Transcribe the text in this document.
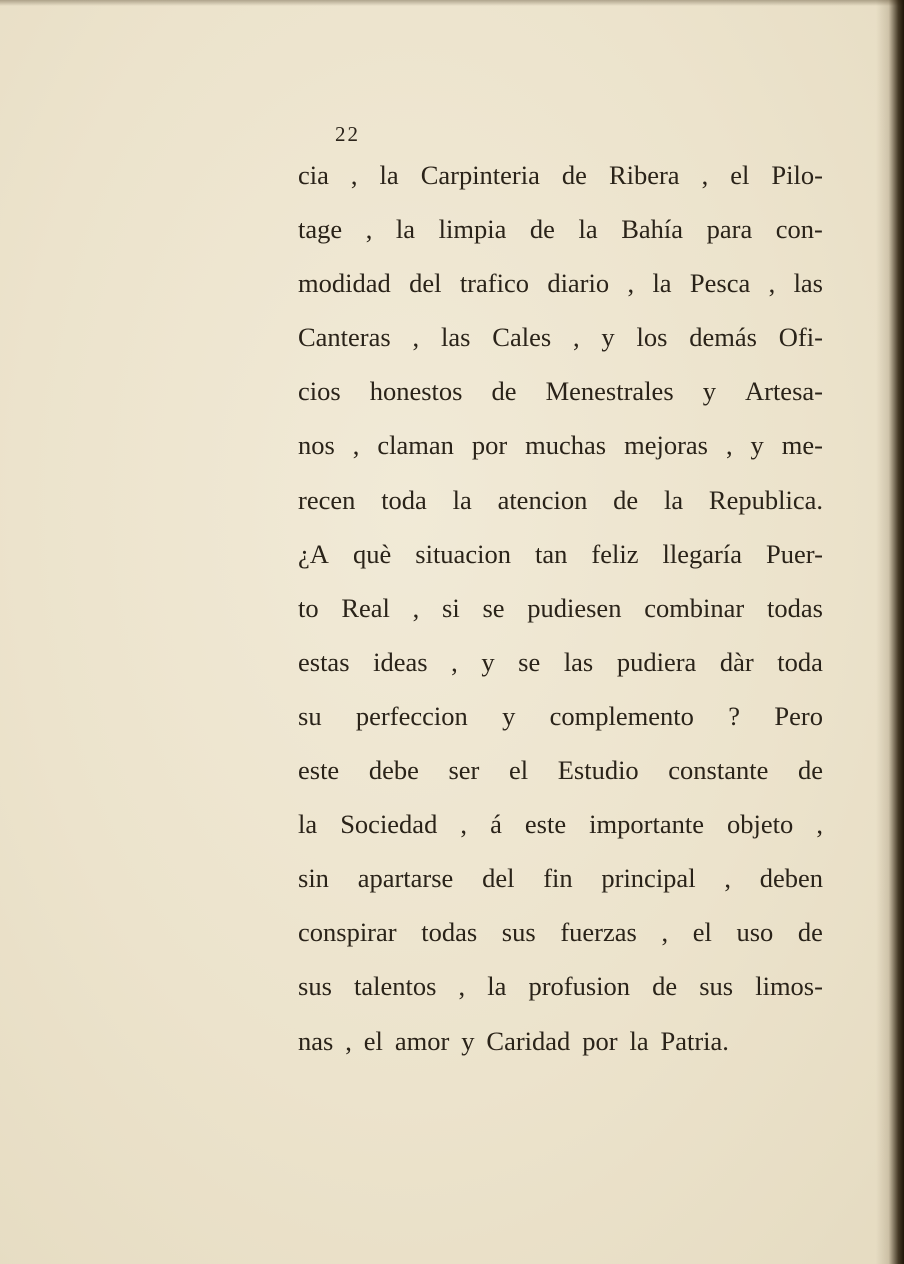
22
cia , la Carpinteria de Ribera , el Pilo-
tage , la limpia de la Bahía para con-
modidad del trafico diario , la Pesca , las
Canteras , las Cales , y los demás Ofi-
cios honestos de Menestrales y Artesa-
nos , claman por muchas mejoras , y me-
recen toda la atencion de la Republica.
¿A què situacion tan feliz llegaría Puer-
to Real , si se pudiesen combinar todas
estas ideas , y se las pudiera dàr toda
su perfeccion y complemento ? Pero
este debe ser el Estudio constante de
la Sociedad , á este importante objeto ,
sin apartarse del fin principal , deben
conspirar todas sus fuerzas , el uso de
sus talentos , la profusion de sus limos-
nas , el amor y Caridad por la Patria.
